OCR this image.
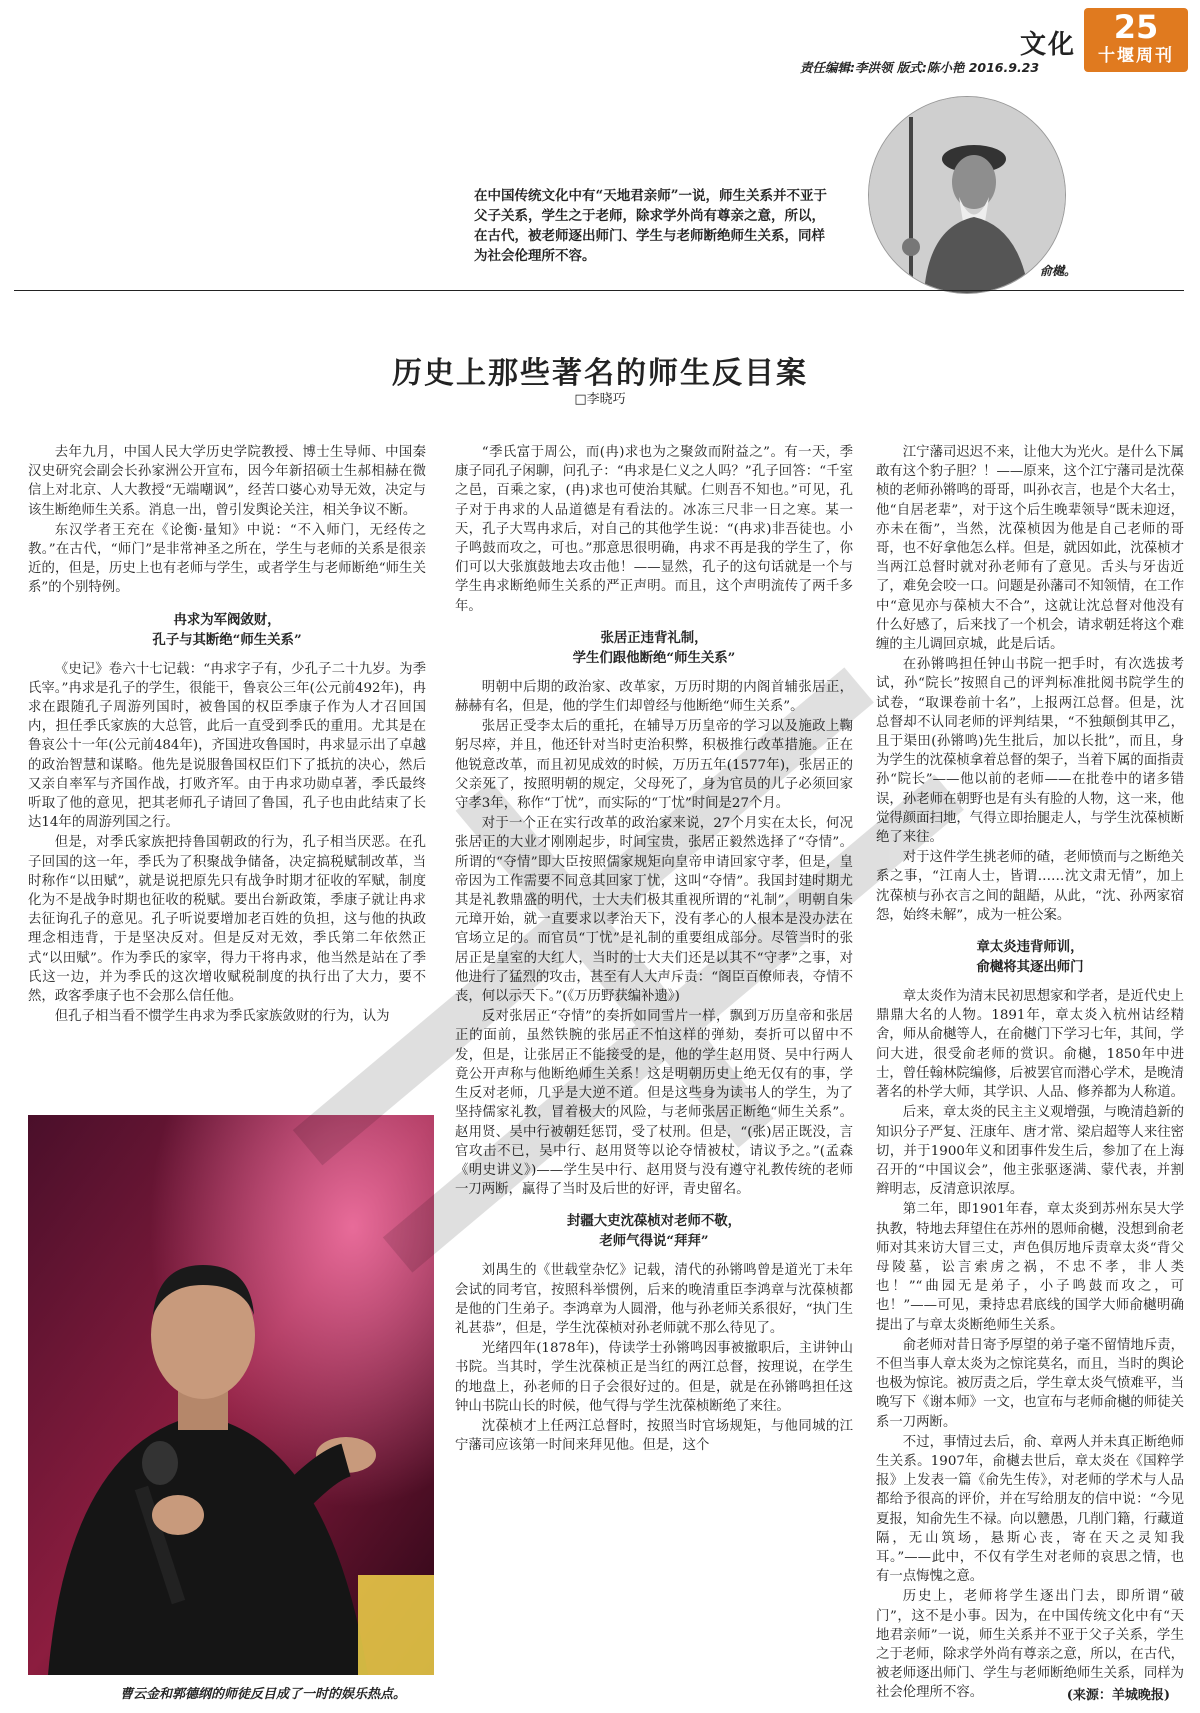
文化
责任编辑:李洪领 版式:陈小艳 2016.9.23
25
十堰周刊
在中国传统文化中有“天地君亲师”一说，师生关系并不亚于父子关系，学生之于老师，除求学外尚有尊亲之意，所以，在古代，被老师逐出师门、学生与老师断绝师生关系，同样为社会伦理所不容。
俞樾。
历史上那些著名的师生反目案
□李晓巧

去年九月，中国人民大学历史学院教授、博士生导师、中国秦汉史研究会副会长孙家洲公开宣布，因今年新招硕士生郝相赫在微信上对北京、人大教授“无端嘲讽”，经苦口婆心劝导无效，决定与该生断绝师生关系。消息一出，曾引发舆论关注，相关争议不断。

东汉学者王充在《论衡·量知》中说：“不入师门，无经传之教。”在古代，“师门”是非常神圣之所在，学生与老师的关系是很亲近的，但是，历史上也有老师与学生，或者学生与老师断绝“师生关系”的个别特例。

冉求为军阀敛财，
孔子与其断绝“师生关系”

《史记》卷六十七记载：“冉求字子有，少孔子二十九岁。为季氏宰。”冉求是孔子的学生，很能干，鲁哀公三年(公元前492年)，冉求在跟随孔子周游列国时，被鲁国的权臣季康子作为人才召回国内，担任季氏家族的大总管，此后一直受到季氏的重用。尤其是在鲁哀公十一年(公元前484年)，齐国进攻鲁国时，冉求显示出了卓越的政治智慧和谋略。他先是说服鲁国权臣们下了抵抗的决心，然后又亲自率军与齐国作战，打败齐军。由于冉求功勋卓著，季氏最终听取了他的意见，把其老师孔子请回了鲁国，孔子也由此结束了长达14年的周游列国之行。

但是，对季氏家族把持鲁国朝政的行为，孔子相当厌恶。在孔子回国的这一年，季氏为了积聚战争储备，决定搞税赋制改革，当时称作“以田赋”，就是说把原先只有战争时期才征收的军赋，制度化为不是战争时期也征收的税赋。要出台新政策，季康子就让冉求去征询孔子的意见。孔子听说要增加老百姓的负担，这与他的执政理念相违背，于是坚决反对。但是反对无效，季氏第二年依然正式“以田赋”。作为季氏的家宰，得力干将冉求，他当然是站在了季氏这一边，并为季氏的这次增收赋税制度的执行出了大力，要不然，政客季康子也不会那么信任他。

但孔子相当看不惯学生冉求为季氏家族敛财的行为，认为

曹云金和郭德纲的师徒反目成了一时的娱乐热点。

“季氏富于周公，而(冉)求也为之聚敛而附益之”。有一天，季康子同孔子闲聊，问孔子：“冉求是仁义之人吗？”孔子回答：“千室之邑，百乘之家，(冉)求也可使治其赋。仁则吾不知也。”可见，孔子对于冉求的人品道德是有看法的。冰冻三尺非一日之寒。某一天，孔子大骂冉求后，对自己的其他学生说：“(冉求)非吾徒也。小子鸣鼓而攻之，可也。”那意思很明确，冉求不再是我的学生了，你们可以大张旗鼓地去攻击他！——显然，孔子的这句话就是一个与学生冉求断绝师生关系的严正声明。而且，这个声明流传了两千多年。

张居正违背礼制，
学生们跟他断绝“师生关系”

明朝中后期的政治家、改革家，万历时期的内阁首辅张居正，赫赫有名，但是，他的学生们却曾经与他断绝“师生关系”。

张居正受李太后的重托，在辅导万历皇帝的学习以及施政上鞠躬尽瘁，并且，他还针对当时吏治积弊，积极推行改革措施。正在他锐意改革，而且初见成效的时候，万历五年(1577年)，张居正的父亲死了，按照明朝的规定，父母死了，身为官员的儿子必须回家守孝3年，称作“丁忧”，而实际的“丁忧”时间是27个月。

对于一个正在实行改革的政治家来说，27个月实在太长，何况张居正的大业才刚刚起步，时间宝贵，张居正毅然选择了“夺情”。所谓的“夺情”即大臣按照儒家规矩向皇帝申请回家守孝，但是，皇帝因为工作需要不同意其回家丁忧，这叫“夺情”。我国封建时期尤其是礼教鼎盛的明代，士大夫们极其重视所谓的“礼制”，明朝自朱元璋开始，就一直要求以孝治天下，没有孝心的人根本是没办法在官场立足的。而官员“丁忧”是礼制的重要组成部分。尽管当时的张居正是皇室的大红人，当时的士大夫们还是以其不“守孝”之事，对他进行了猛烈的攻击，甚至有人大声斥责：“阁臣百僚师表，夺情不丧，何以示天下。”(《万历野获编补遗》)

反对张居正“夺情”的奏折如同雪片一样，飘到万历皇帝和张居正的面前，虽然铁腕的张居正不怕这样的弹劾，奏折可以留中不发，但是，让张居正不能接受的是，他的学生赵用贤、吴中行两人竟公开声称与他断绝师生关系！这是明朝历史上绝无仅有的事，学生反对老师，几乎是大逆不道。但是这些身为读书人的学生，为了坚持儒家礼教，冒着极大的风险，与老师张居正断绝“师生关系”。赵用贤、吴中行被朝廷惩罚，受了杖刑。但是，“(张)居正既没，言官攻击不已，吴中行、赵用贤等以论夺情被杖，请议予之。”(孟森《明史讲义》)——学生吴中行、赵用贤与没有遵守礼教传统的老师一刀两断，赢得了当时及后世的好评，青史留名。

封疆大吏沈葆桢对老师不敬，
老师气得说“拜拜”

刘禺生的《世载堂杂忆》记载，清代的孙锵鸣曾是道光丁未年会试的同考官，按照科举惯例，后来的晚清重臣李鸿章与沈葆桢都是他的门生弟子。李鸿章为人圆滑，他与孙老师关系很好，“执门生礼甚恭”，但是，学生沈葆桢对孙老师就不那么待见了。

光绪四年(1878年)，侍读学士孙锵鸣因事被撤职后，主讲钟山书院。当其时，学生沈葆桢正是当红的两江总督，按理说，在学生的地盘上，孙老师的日子会很好过的。但是，就是在孙锵鸣担任这钟山书院山长的时候，他气得与学生沈葆桢断绝了来往。

沈葆桢才上任两江总督时，按照当时官场规矩，与他同城的江宁藩司应该第一时间来拜见他。但是，这个

江宁藩司迟迟不来，让他大为光火。是什么下属敢有这个豹子胆？！——原来，这个江宁藩司是沈葆桢的老师孙锵鸣的哥哥，叫孙衣言，也是个大名士，他“自居老辈”，对于这个后生晚辈领导“既未迎迓，亦未在衙”，当然，沈葆桢因为他是自己老师的哥哥，也不好拿他怎么样。但是，就因如此，沈葆桢才当两江总督时就对孙老师有了意见。舌头与牙齿近了，难免会咬一口。问题是孙藩司不知领情，在工作中“意见亦与葆桢大不合”，这就让沈总督对他没有什么好感了，后来找了一个机会，请求朝廷将这个难缠的主儿调回京城，此是后话。

在孙锵鸣担任钟山书院一把手时，有次选拔考试，孙“院长”按照自己的评判标准批阅书院学生的试卷，“取课卷前十名”，上报两江总督。但是，沈总督却不认同老师的评判结果，“不独颠倒其甲乙，且于渠田(孙锵鸣)先生批后，加以长批”，而且，身为学生的沈葆桢拿着总督的架子，当着下属的面指责孙“院长”——他以前的老师——在批卷中的诸多错误，孙老师在朝野也是有头有脸的人物，这一来，他觉得颜面扫地，气得立即抬腿走人，与学生沈葆桢断绝了来往。

对于这件学生挑老师的碴，老师愤而与之断绝关系之事，“江南人士，皆谓……沈文肃无情”，加上沈葆桢与孙衣言之间的龃龉，从此，“沈、孙两家宿怨，始终未解”，成为一桩公案。

章太炎违背师训，
俞樾将其逐出师门

章太炎作为清末民初思想家和学者，是近代史上鼎鼎大名的人物。1891年，章太炎入杭州诂经精舍，师从俞樾等人，在俞樾门下学习七年，其间，学问大进，很受俞老师的赏识。俞樾，1850年中进士，曾任翰林院编修，后被罢官而潜心学术，是晚清著名的朴学大师，其学识、人品、修养都为人称道。

后来，章太炎的民主主义观增强，与晚清趋新的知识分子严复、汪康年、唐才常、梁启超等人来往密切，并于1900年义和团事件发生后，参加了在上海召开的“中国议会”，他主张驱逐满、蒙代表，并割辫明志，反清意识浓厚。

第二年，即1901年春，章太炎到苏州东吴大学执教，特地去拜望住在苏州的恩师俞樾，没想到俞老师对其来访大冒三丈，声色俱厉地斥责章太炎“背父母陵墓，讼言索虏之祸，不忠不孝，非人类也！”“曲园无是弟子，小子鸣鼓而攻之，可也！”——可见，秉持忠君底线的国学大师俞樾明确提出了与章太炎断绝师生关系。

俞老师对昔日寄予厚望的弟子毫不留情地斥责，不但当事人章太炎为之惊诧莫名，而且，当时的舆论也极为惊诧。被厉责之后，学生章太炎气愤难平，当晚写下《谢本师》一文，也宣布与老师俞樾的师徒关系一刀两断。

不过，事情过去后，俞、章两人并未真正断绝师生关系。1907年，俞樾去世后，章太炎在《国粹学报》上发表一篇《俞先生传》，对老师的学术与人品都给予很高的评价，并在写给朋友的信中说：“今见夏报，知俞先生不禄。向以戆愚，几削门籍，行藏道隔，无山筑场，悬斯心丧，寄在天之灵知我耳。”——此中，不仅有学生对老师的哀思之情，也有一点悔愧之意。

历史上，老师将学生逐出门去，即所谓“破门”，这不是小事。因为，在中国传统文化中有“天地君亲师”一说，师生关系并不亚于父子关系，学生之于老师，除求学外尚有尊亲之意，所以，在古代，被老师逐出师门、学生与老师断绝师生关系，同样为社会伦理所不容。	(来源：羊城晚报)
